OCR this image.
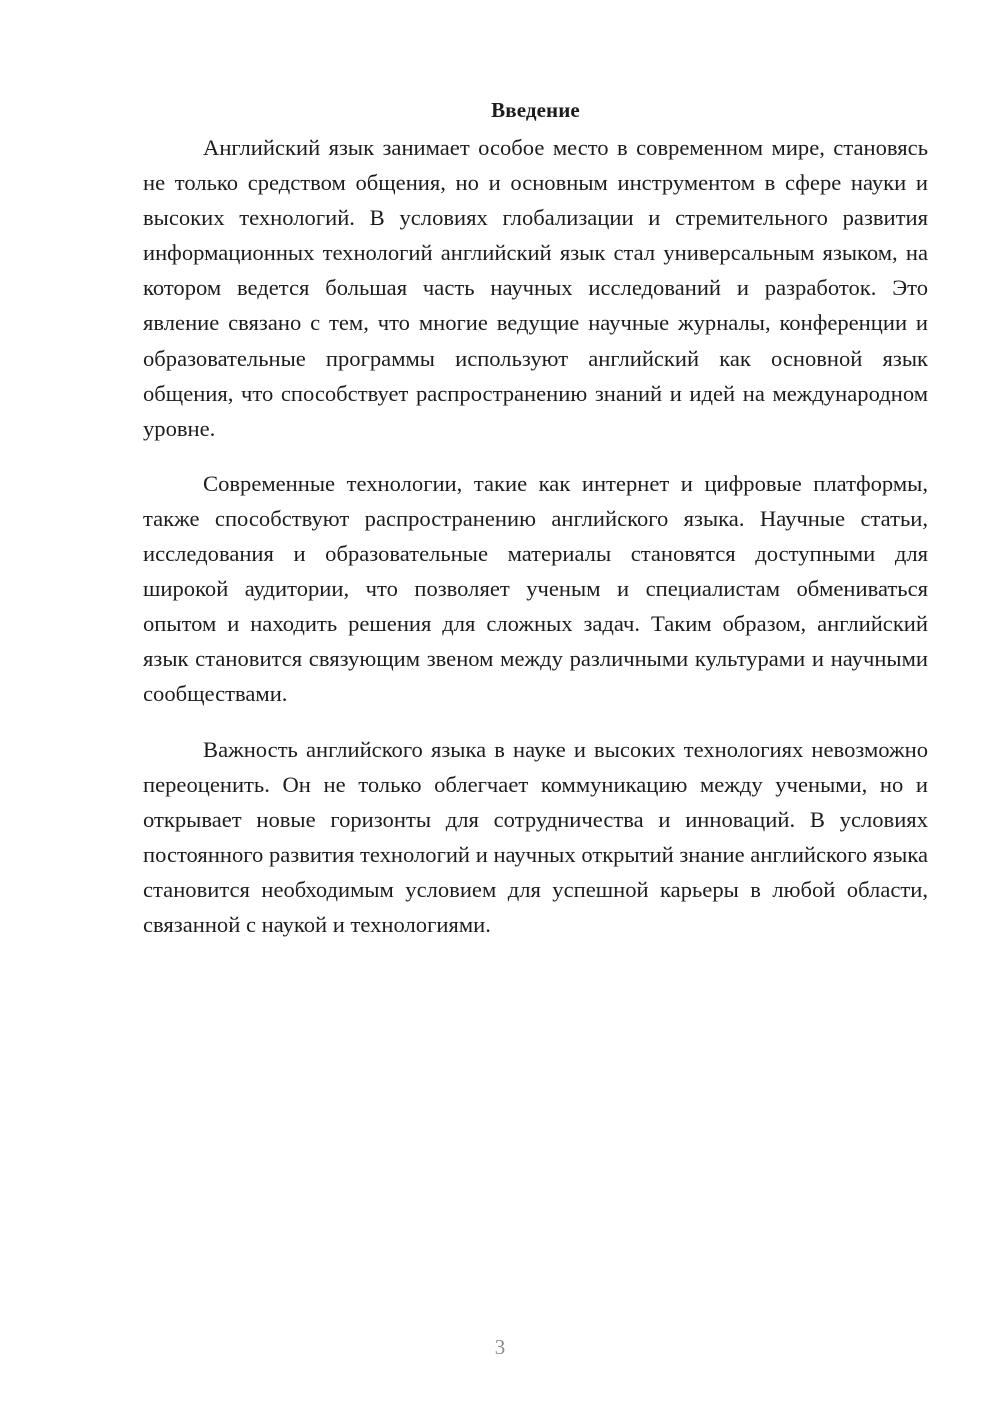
Введение

Английский язык занимает особое место в современном мире, становясь не только средством общения, но и основным инструментом в сфере науки и высоких технологий. В условиях глобализации и стремительного развития информационных технологий английский язык стал универсальным языком, на котором ведется большая часть научных исследований и разработок. Это явление связано с тем, что многие ведущие научные журналы, конференции и образовательные программы используют английский как основной язык общения, что способствует распространению знаний и идей на международном уровне.

Современные технологии, такие как интернет и цифровые платформы, также способствуют распространению английского языка. Научные статьи, исследования и образовательные материалы становятся доступными для широкой аудитории, что позволяет ученым и специалистам обмениваться опытом и находить решения для сложных задач. Таким образом, английский язык становится связующим звеном между различными культурами и научными сообществами.

Важность английского языка в науке и высоких технологиях невозможно переоценить. Он не только облегчает коммуникацию между учеными, но и открывает новые горизонты для сотрудничества и инноваций. В условиях постоянного развития технологий и научных открытий знание английского языка становится необходимым условием для успешной карьеры в любой области, связанной с наукой и технологиями.

3
